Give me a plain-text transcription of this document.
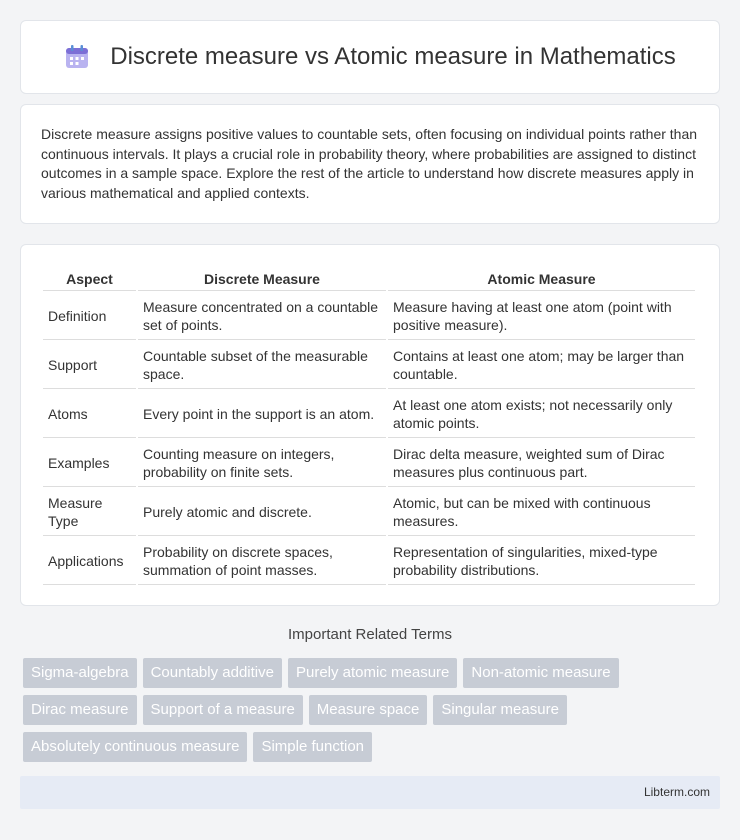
Discrete measure vs Atomic measure in Mathematics

Discrete measure assigns positive values to countable sets, often focusing on individual points rather than continuous intervals. It plays a crucial role in probability theory, where probabilities are assigned to distinct outcomes in a sample space. Explore the rest of the article to understand how discrete measures apply in various mathematical and applied contexts.

Aspect	Discrete Measure	Atomic Measure
Definition	Measure concentrated on a countable set of points.	Measure having at least one atom (point with positive measure).
Support	Countable subset of the measurable space.	Contains at least one atom; may be larger than countable.
Atoms	Every point in the support is an atom.	At least one atom exists; not necessarily only atomic points.
Examples	Counting measure on integers, probability on finite sets.	Dirac delta measure, weighted sum of Dirac measures plus continuous part.
Measure Type	Purely atomic and discrete.	Atomic, but can be mixed with continuous measures.
Applications	Probability on discrete spaces, summation of point masses.	Representation of singularities, mixed-type probability distributions.
Important Related Terms
Sigma-algebra	Countably additive	Purely atomic measure	Non-atomic measure
Dirac measure	Support of a measure	Measure space	Singular measure
Absolutely continuous measure	Simple function
Libterm.com
